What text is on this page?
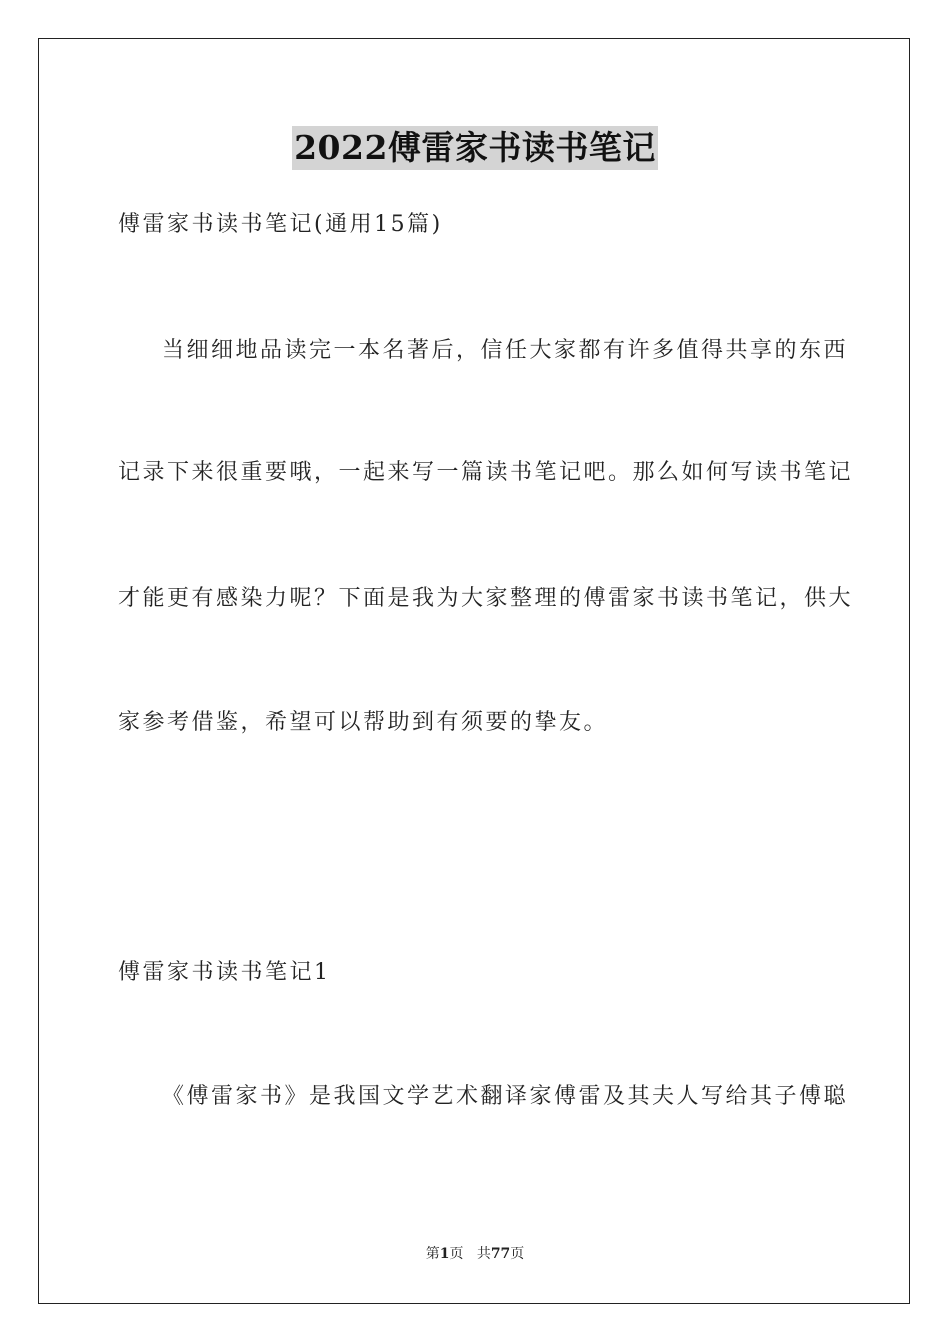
2022傅雷家书读书笔记
傅雷家书读书笔记(通用15篇)
当细细地品读完一本名著后，信任大家都有许多值得共享的东西
记录下来很重要哦，一起来写一篇读书笔记吧。那么如何写读书笔记
才能更有感染力呢？下面是我为大家整理的傅雷家书读书笔记，供大
家参考借鉴，希望可以帮助到有须要的挚友。
傅雷家书读书笔记1
《傅雷家书》是我国文学艺术翻译家傅雷及其夫人写给其子傅聪
第1页 共77页
